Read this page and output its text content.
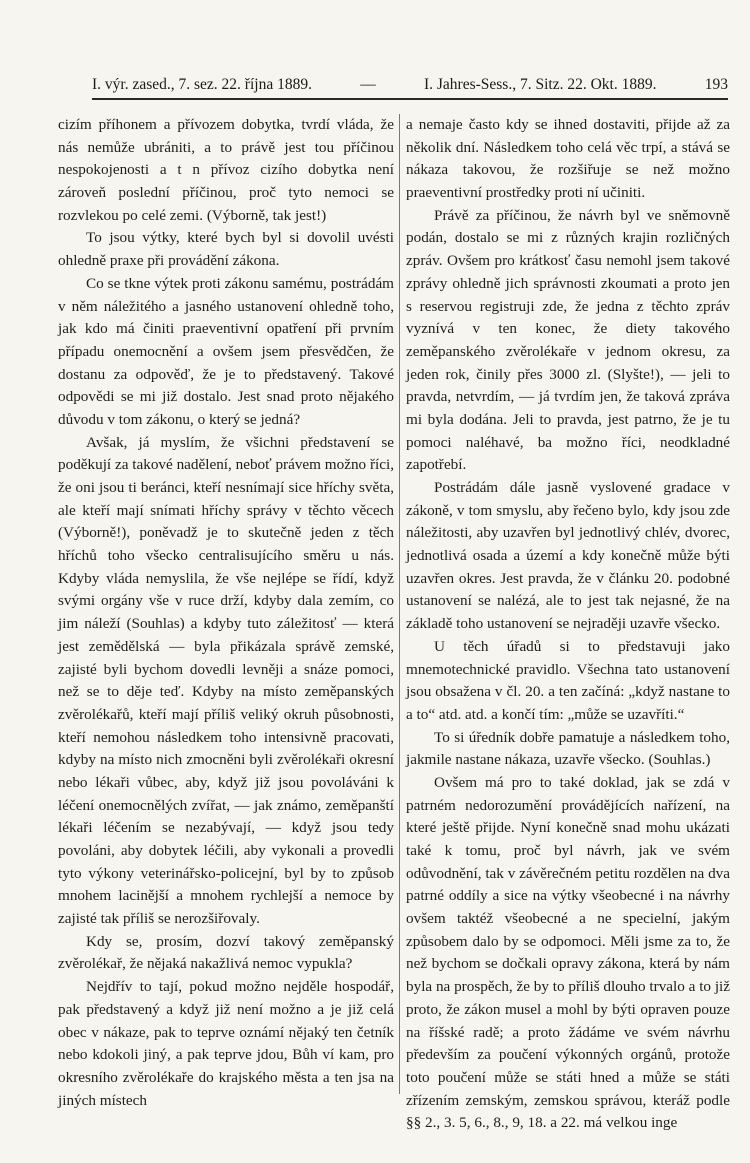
I. výr. zased., 7. sez. 22. října 1889.	—	I. Jahres-Sess., 7. Sitz. 22. Okt. 1889.	193

cizím příhonem a přívozem dobytka, tvrdí vláda, že nás nemůže ubrániti, a to právě jest tou příčinou nespokojenosti a t n přívoz cizího dobytka není zároveň poslední příčinou, proč tyto nemoci se rozvlekou po celé zemi. (Výborně, tak jest!)

To jsou výtky, které bych byl si dovolil uvésti ohledně praxe při provádění zákona.

Co se tkne výtek proti zákonu samému, postrádám v něm náležitého a jasného ustanovení ohledně toho, jak kdo má činiti praeventivní opatření při prvním případu onemocnění a ovšem jsem přesvědčen, že dostanu za odpověď, že je to představený. Takové odpovědi se mi již dostalo. Jest snad proto nějakého důvodu v tom zákonu, o který se jedná?

Avšak, já myslím, že všichni představení se poděkují za takové nadělení, neboť právem možno říci, že oni jsou ti beránci, kteří nesnímají sice hříchy světa, ale kteří mají snímati hříchy správy v těchto věcech (Výborně!), poněvadž je to skutečně jeden z těch hříchů toho všecko centralisujícího směru u nás. Kdyby vláda nemyslila, že vše nejlépe se řídí, když svými orgány vše v ruce drží, kdyby dala zemím, co jim náleží (Souhlas) a kdyby tuto záležitosť — která jest zemědělská — byla přikázala správě zemské, zajisté byli bychom dovedli levněji a snáze pomoci, než se to děje teď. Kdyby na místo zeměpanských zvěrolékařů, kteří mají příliš veliký okruh působnosti, kteří nemohou následkem toho intensivně pracovati, kdyby na místo nich zmocněni byli zvěrolékaři okresní nebo lékaři vůbec, aby, když již jsou povoláváni k léčení onemocnělých zvířat, — jak známo, zeměpanští lékaři léčením se nezabývají, — když jsou tedy povoláni, aby dobytek léčili, aby vykonali a provedli tyto výkony veterinářsko-policejní, byl by to způsob mnohem lacinější a mnohem rychlejší a nemoce by zajisté tak příliš se nerozšiřovaly.

Kdy se, prosím, dozví takový zeměpanský zvěrolékař, že nějaká nakažlivá nemoc vypukla?

Nejdřív to tají, pokud možno nejděle hospodář, pak představený a když již není možno a je již celá obec v nákaze, pak to teprve oznámí nějaký ten četník nebo kdokoli jiný, a pak teprve jdou, Bůh ví kam, pro okresního zvěrolékaře do krajského města a ten jsa na jiných místech

a nemaje často kdy se ihned dostaviti, přijde až za několik dní. Následkem toho celá věc trpí, a stává se nákaza takovou, že rozšiřuje se než možno praeventivní prostředky proti ní učiniti.

Právě za příčinou, že návrh byl ve sněmovně podán, dostalo se mi z různých krajin rozličných zpráv. Ovšem pro krátkosť času nemohl jsem takové zprávy ohledně jich správnosti zkoumati a proto jen s reservou registruji zde, že jedna z těchto zpráv vyznívá v ten konec, že diety takového zeměpanského zvěrolékaře v jednom okresu, za jeden rok, činily přes 3000 zl. (Slyšte!), — jeli to pravda, netvrdím, — já tvrdím jen, že taková zpráva mi byla dodána. Jeli to pravda, jest patrno, že je tu pomoci naléhavé, ba možno říci, neodkladné zapotřebí.

Postrádám dále jasně vyslovené gradace v zákoně, v tom smyslu, aby řečeno bylo, kdy jsou zde náležitosti, aby uzavřen byl jednotlivý chlév, dvorec, jednotlivá osada a území a kdy konečně může býti uzavřen okres. Jest pravda, že v článku 20. podobné ustanovení se nalézá, ale to jest tak nejasné, že na základě toho ustanovení se nejraději uzavře všecko.

U těch úřadů si to představuji jako mnemotechnické pravidlo. Všechna tato ustanovení jsou obsažena v čl. 20. a ten začíná: „když nastane to a to“ atd. atd. a končí tím: „může se uzavříti.“

To si úředník dobře pamatuje a následkem toho, jakmile nastane nákaza, uzavře všecko. (Souhlas.)

Ovšem má pro to také doklad, jak se zdá v patrném nedorozumění provádějících nařízení, na které ještě přijde. Nyní konečně snad mohu ukázati také k tomu, proč byl návrh, jak ve svém odůvodnění, tak v závěrečném petitu rozdělen na dva patrné oddíly a sice na výtky všeobecné i na návrhy ovšem taktéž všeobecné a ne specielní, jakým způsobem dalo by se odpomoci. Měli jsme za to, že než bychom se dočkali opravy zákona, která by nám byla na prospěch, že by to příliš dlouho trvalo a to již proto, že zákon musel a mohl by býti opraven pouze na říšské radě; a proto žádáme ve svém návrhu především za poučení výkonných orgánů, protože toto poučení může se státi hned a může se státi zřízením zemským, zemskou správou, kteráž podle §§ 2., 3. 5, 6., 8., 9, 18. a 22. má velkou inge
